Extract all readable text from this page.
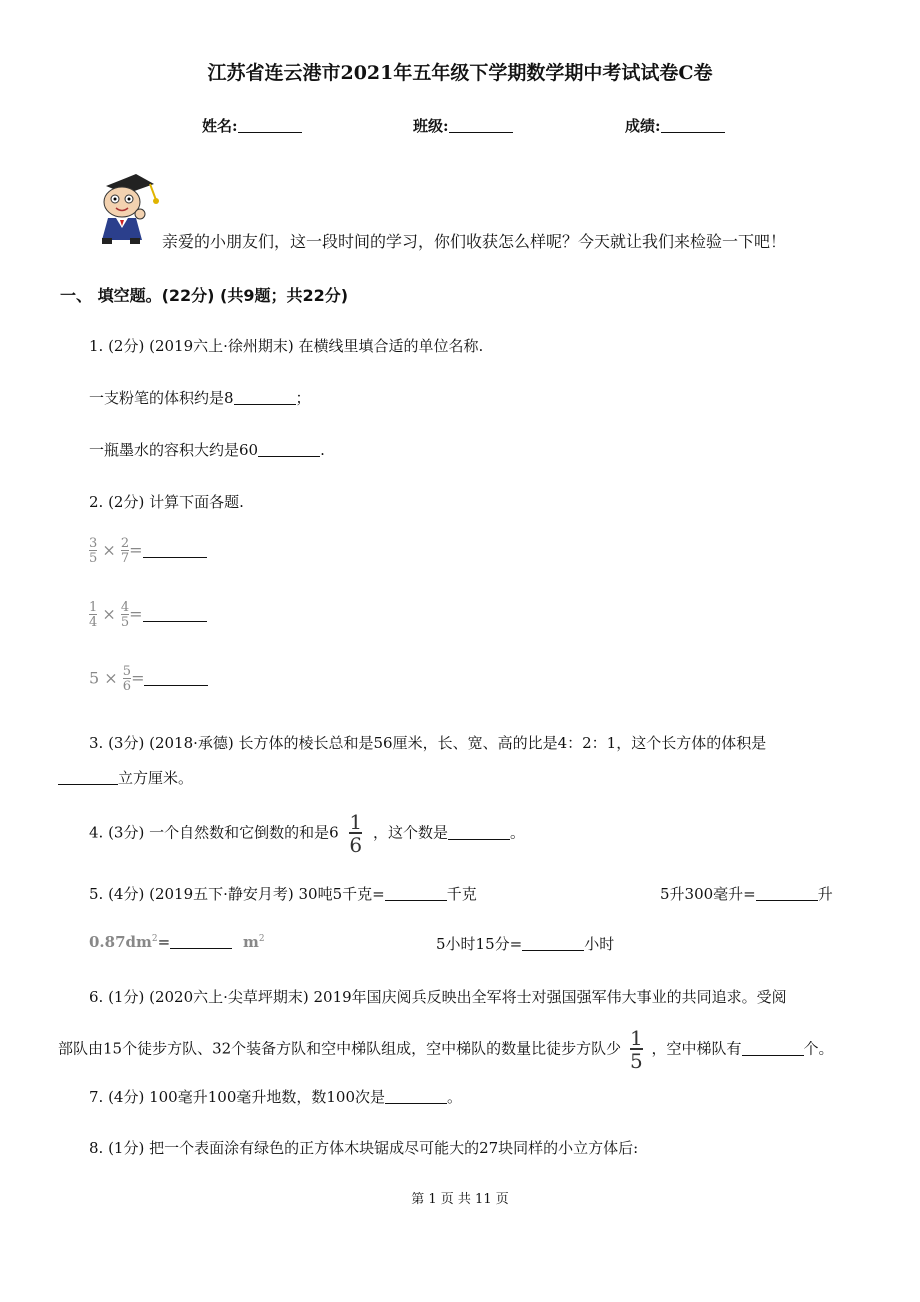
江苏省连云港市2021年五年级下学期数学期中考试试卷C卷
姓名:	班级:	成绩:
亲爱的小朋友们，这一段时间的学习，你们收获怎么样呢？今天就让我们来检验一下吧！
一、 填空题。(22分) (共9题；共22分)
1. (2分) (2019六上·徐州期末) 在横线里填合适的单位名称.
一支粉笔的体积约是8	；
一瓶墨水的容积大约是60	.
2. (2分) 计算下面各题.
$\frac{3}{5} \times \frac{2}{7}$ =
$\frac{1}{4} \times \frac{4}{5}$ =
$5 \times \frac{5}{6}$ =
3. (3分) (2018·承德) 长方体的棱长总和是56厘米，长、宽、高的比是4：2：1，这个长方体的体积是
立方厘米。
4. (3分) 一个自然数和它倒数的和是$6 \frac{1}{6}$ ，这个数是	。
5. (4分) (2019五下·静安月考) 30吨5千克=	千克	5升300毫升=	升
$0.87dm^2=$	$m^2$	5小时15分=	小时
6. (1分) (2020六上·尖草坪期末) 2019年国庆阅兵反映出全军将士对强国强军伟大事业的共同追求。受阅
部队由15个徒步方队、32个装备方队和空中梯队组成，空中梯队的数量比徒步方队少 $\frac{1}{5}$ ，空中梯队有	个。
7. (4分) 100毫升100毫升地数，数100次是	。
8. (1分) 把一个表面涂有绿色的正方体木块锯成尽可能大的27块同样的小立方体后:
第 1 页 共 11 页
